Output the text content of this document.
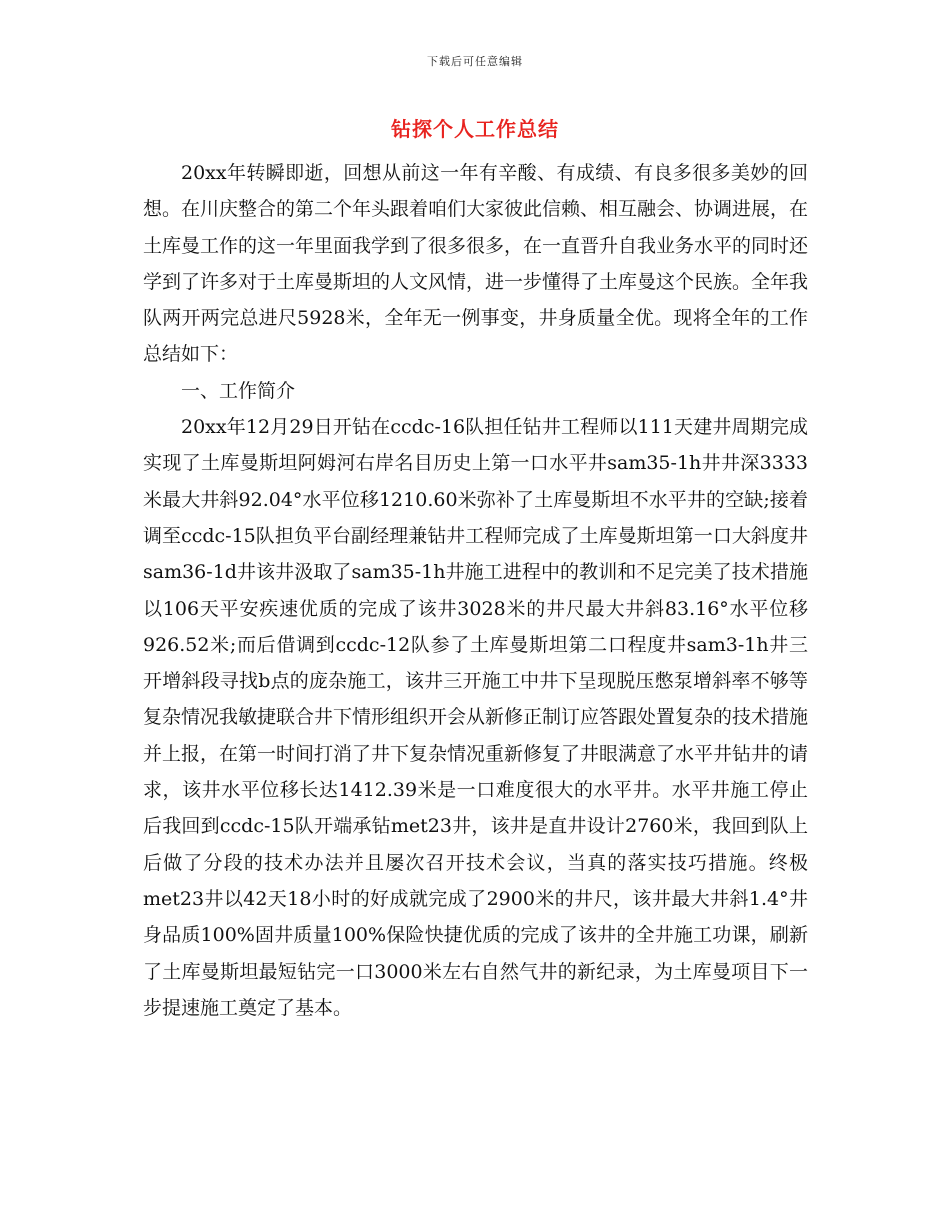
下载后可任意编辑
钻探个人工作总结

20xx年转瞬即逝，回想从前这一年有辛酸、有成绩、有良多很多美妙的回想。在川庆整合的第二个年头跟着咱们大家彼此信赖、相互融会、协调进展，在土库曼工作的这一年里面我学到了很多很多，在一直晋升自我业务水平的同时还学到了许多对于土库曼斯坦的人文风情，进一步懂得了土库曼这个民族。全年我队两开两完总进尺5928米，全年无一例事变，井身质量全优。现将全年的工作总结如下：

一、工作简介

20xx年12月29日开钻在ccdc-16队担任钻井工程师以111天建井周期完成实现了土库曼斯坦阿姆河右岸名目历史上第一口水平井sam35-1h井井深3333米最大井斜92.04°水平位移1210.60米弥补了土库曼斯坦不水平井的空缺;接着调至ccdc-15队担负平台副经理兼钻井工程师完成了土库曼斯坦第一口大斜度井sam36-1d井该井汲取了sam35-1h井施工进程中的教训和不足完美了技术措施以106天平安疾速优质的完成了该井3028米的井尺最大井斜83.16°水平位移926.52米;而后借调到ccdc-12队参了土库曼斯坦第二口程度井sam3-1h井三开增斜段寻找b点的庞杂施工，该井三开施工中井下呈现脱压憋泵增斜率不够等复杂情况我敏捷联合井下情形组织开会从新修正制订应答跟处置复杂的技术措施并上报，在第一时间打消了井下复杂情况重新修复了井眼满意了水平井钻井的请求，该井水平位移长达1412.39米是一口难度很大的水平井。水平井施工停止后我回到ccdc-15队开端承钻met23井，该井是直井设计2760米，我回到队上后做了分段的技术办法并且屡次召开技术会议，当真的落实技巧措施。终极met23井以42天18小时的好成就完成了2900米的井尺，该井最大井斜1.4°井身品质100%固井质量100%保险快捷优质的完成了该井的全井施工功课，刷新了土库曼斯坦最短钻完一口3000米左右自然气井的新纪录，为土库曼项目下一步提速施工奠定了基本。
